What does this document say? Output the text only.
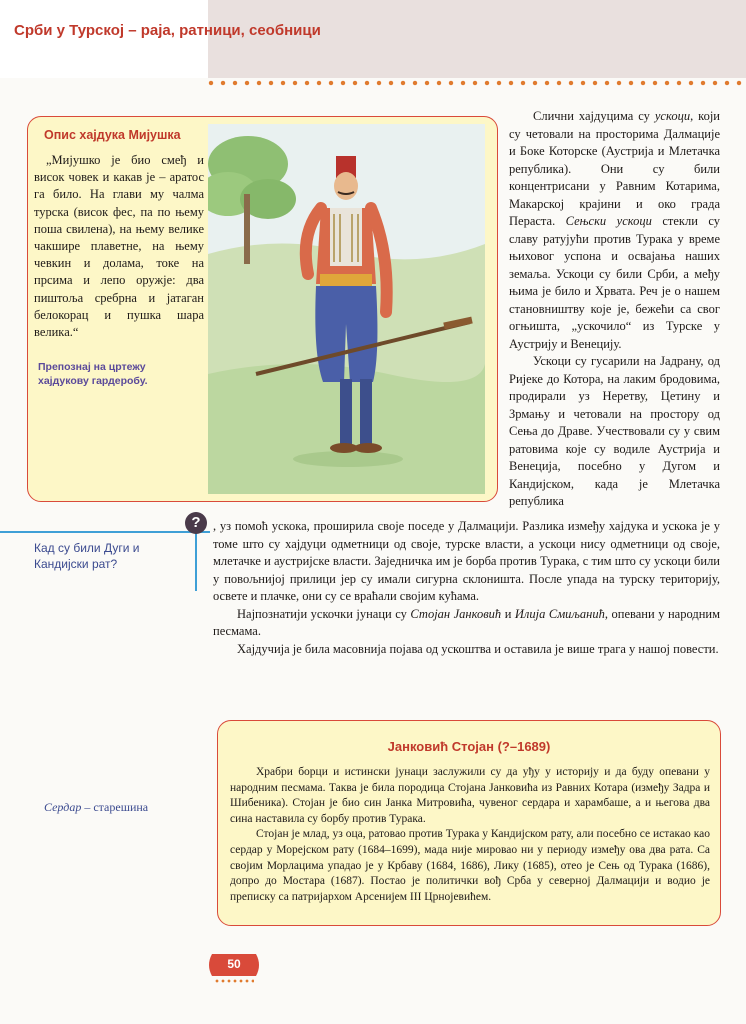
Срби у Турској – раја, ратници, сеобници
Опис хајдука Мијушка
„Мијушко је био смеђ и висок човек и какав је – аратос га било. На глави му чалма турска (висок фес, па по њему поша свилена), на њему велике чакшире плаветне, на њему чевкин и долама, токе на прсима и лепо оружје: два пиштоља сребрна и јатаган белокорац и пушка шара велика.“
Препознај на цртежу хајдукову гардеробу.

Слични хајдуцима су ускоци, који су четовали на просторима Далмације и Боке Которске (Аустрија и Млетачка република). Они су били концентрисани у Равним Котарима, Макарској крајини и око града Пераста. Сењски ускоци стекли су славу ратујући против Турака у време њиховог успона и освајања наших земаља. Ускоци су били Срби, а међу њима је било и Хрвата. Реч је о нашем становништву које је, бежећи са свог огњишта, „ускочило“ из Турске у Аустрију и Венецију.

Ускоци су гусарили на Јадрану, од Ријеке до Котора, на лаким бродовима, продирали уз Неретву, Цетину и Зрмању и четовали на простору од Сења до Драве. Учествовали су у свим ратовима које су водиле Аустрија и Венеција, посебно у Дугом и Кандијском, када је Млетачка република

?
Кад су били Дуги и Кандијски рат?

, уз помоћ ускока, проширила своје поседе у Далмацији. Разлика између хајдука и ускока је у томе што су хајдуци одметници од своје, турске власти, а ускоци нису одметници од своје, млетачке и аустријске власти. Заједничка им је борба против Турака, с тим што су ускоци били у повољнијој прилици јер су имали сигурна склоништа. После упада на турску територију, освете и плачке, они су се враћали својим кућама.

Најпознатији ускочки јунаци су Стојан Јанковић и Илија Смиљанић, опевани у народним песмама.

Хајдучија је била масовнија појава од ускоштва и оставила је више трага у нашој повести.

Сердар – старешина
Јанковић Стојан (?–1689)

Храбри борци и истински јунаци заслужили су да уђу у историју и да буду опевани у народним песмама. Таква је била породица Стојана Јанковића из Равних Котара (између Задра и Шибеника). Стојан је био син Јанка Митровића, чувеног сердара и харамбаше, а и његова два сина наставила су борбу против Турака.

Стојан је млад, уз оца, ратовао против Турака у Кандијском рату, али посебно се истакао као сердар у Морејском рату (1684–1699), мада није мировао ни у периоду између ова два рата. Са својим Морлацима упадао је у Крбаву (1684, 1686), Лику (1685), отео је Сењ од Турака (1686), допро до Мостара (1687). Постао је политички вођ Срба у северној Далмацији и водио је преписку са патријархом Арсенијем III Црнојевићем.

50
